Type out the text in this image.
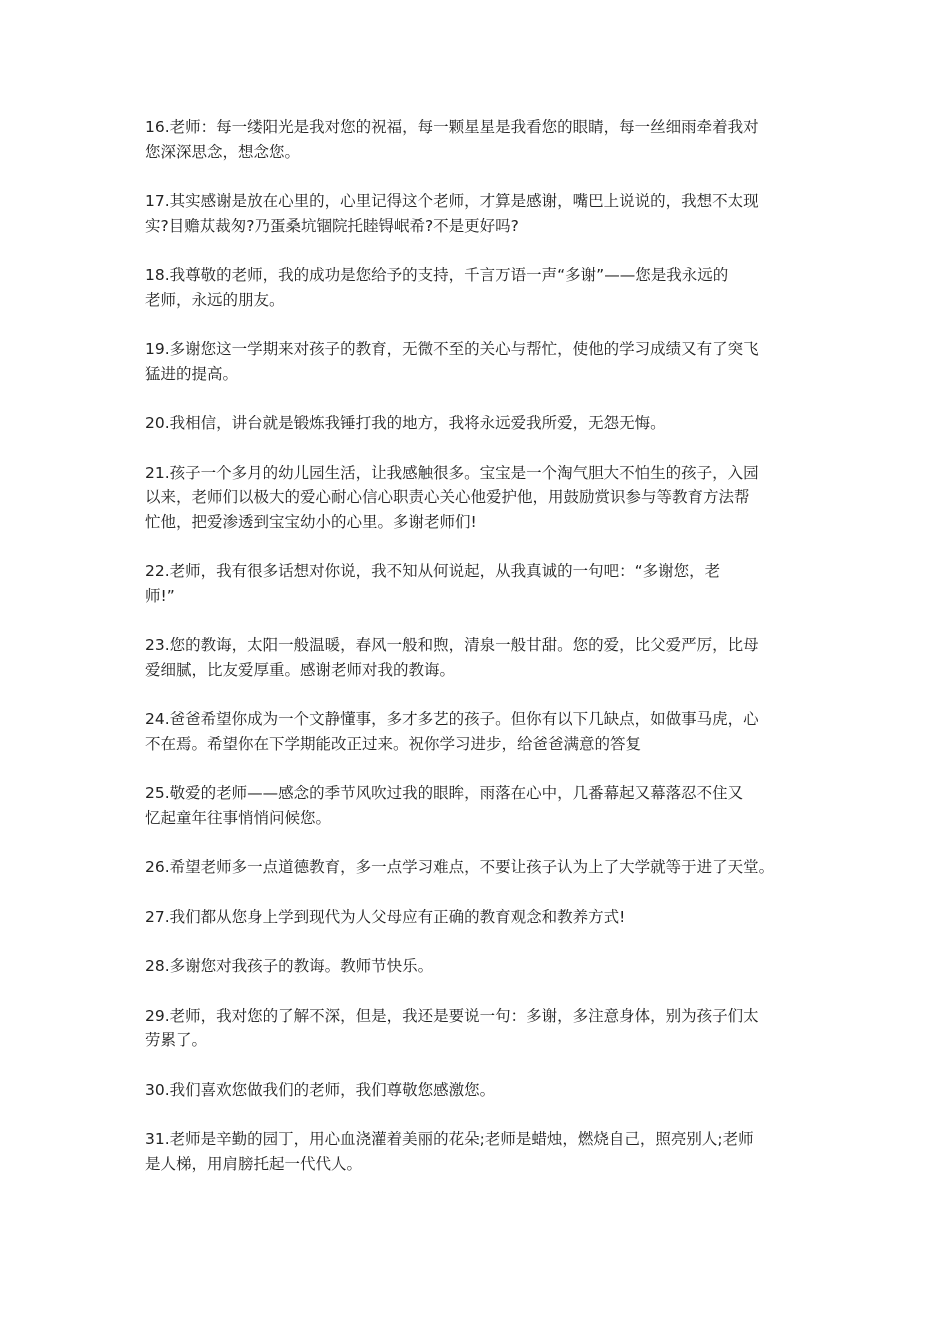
16.老师：每一缕阳光是我对您的祝福，每一颗星星是我看您的眼睛，每一丝细雨牵着我对
您深深思念，想念您。

17.其实感谢是放在心里的，心里记得这个老师，才算是感谢，嘴巴上说说的，我想不太现
实?目赡苁裁匆?乃蛋桑坑锢院托睦锝岷希?不是更好吗?

18.我尊敬的老师，我的成功是您给予的支持，千言万语一声“多谢”——您是我永远的
老师，永远的朋友。

19.多谢您这一学期来对孩子的教育，无微不至的关心与帮忙，使他的学习成绩又有了突飞
猛进的提高。

20.我相信，讲台就是锻炼我锤打我的地方，我将永远爱我所爱，无怨无悔。

21.孩子一个多月的幼儿园生活，让我感触很多。宝宝是一个淘气胆大不怕生的孩子，入园
以来，老师们以极大的爱心耐心信心职责心关心他爱护他，用鼓励赏识参与等教育方法帮
忙他，把爱渗透到宝宝幼小的心里。多谢老师们!

22.老师，我有很多话想对你说，我不知从何说起，从我真诚的一句吧：“多谢您，老
师!”

23.您的教诲，太阳一般温暖，春风一般和煦，清泉一般甘甜。您的爱，比父爱严厉，比母
爱细腻，比友爱厚重。感谢老师对我的教诲。

24.爸爸希望你成为一个文静懂事，多才多艺的孩子。但你有以下几缺点，如做事马虎，心
不在焉。希望你在下学期能改正过来。祝你学习进步，给爸爸满意的答复

25.敬爱的老师——感念的季节风吹过我的眼眸，雨落在心中，几番幕起又幕落忍不住又
忆起童年往事悄悄问候您。

26.希望老师多一点道德教育，多一点学习难点，不要让孩子认为上了大学就等于进了天堂。

27.我们都从您身上学到现代为人父母应有正确的教育观念和教养方式!

28.多谢您对我孩子的教诲。教师节快乐。

29.老师，我对您的了解不深，但是，我还是要说一句：多谢，多注意身体，别为孩子们太
劳累了。

30.我们喜欢您做我们的老师，我们尊敬您感激您。

31.老师是辛勤的园丁，用心血浇灌着美丽的花朵;老师是蜡烛，燃烧自己，照亮别人;老师
是人梯，用肩膀托起一代代人。
